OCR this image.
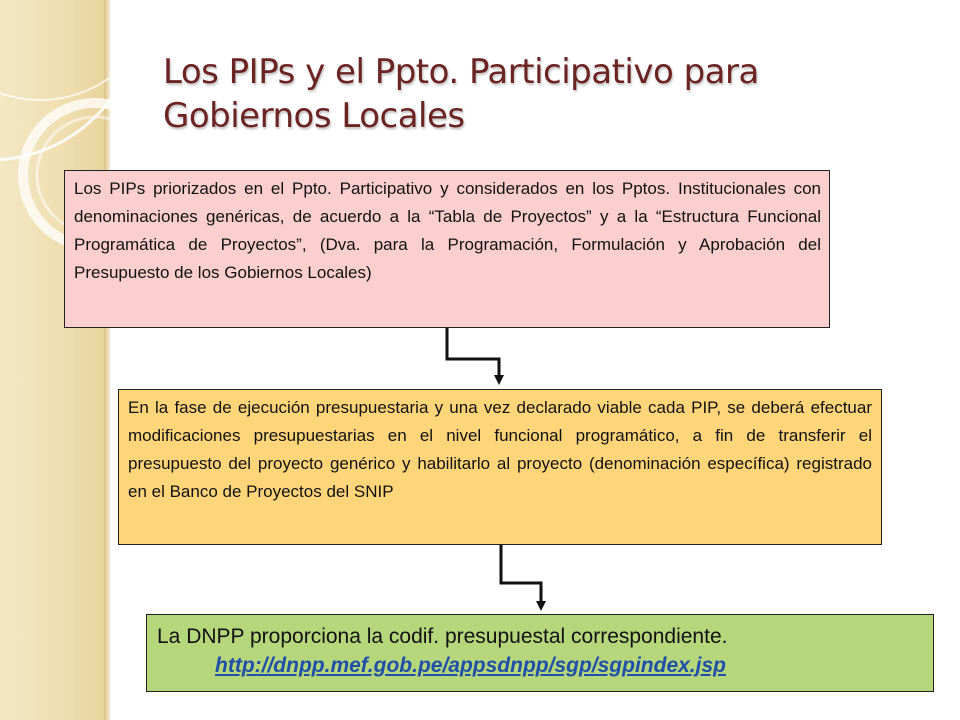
Los PIPs y el Ppto. Participativo para
Gobiernos Locales
Los PIPs priorizados en el Ppto. Participativo y considerados en los Pptos. Institucionales con denominaciones genéricas, de acuerdo a la “Tabla de Proyectos” y a la “Estructura Funcional Programática de Proyectos”, (Dva. para la Programación, Formulación y Aprobación del Presupuesto de los Gobiernos Locales)
En la fase de ejecución presupuestaria y una vez declarado viable cada PIP, se deberá efectuar modificaciones presupuestarias en el nivel funcional programático, a fin de transferir el presupuesto del proyecto genérico y habilitarlo al proyecto (denominación específica) registrado en el Banco de Proyectos del SNIP
La DNPP proporciona la codif. presupuestal correspondiente.
http://dnpp.mef.gob.pe/appsdnpp/sgp/sgpindex.jsp
